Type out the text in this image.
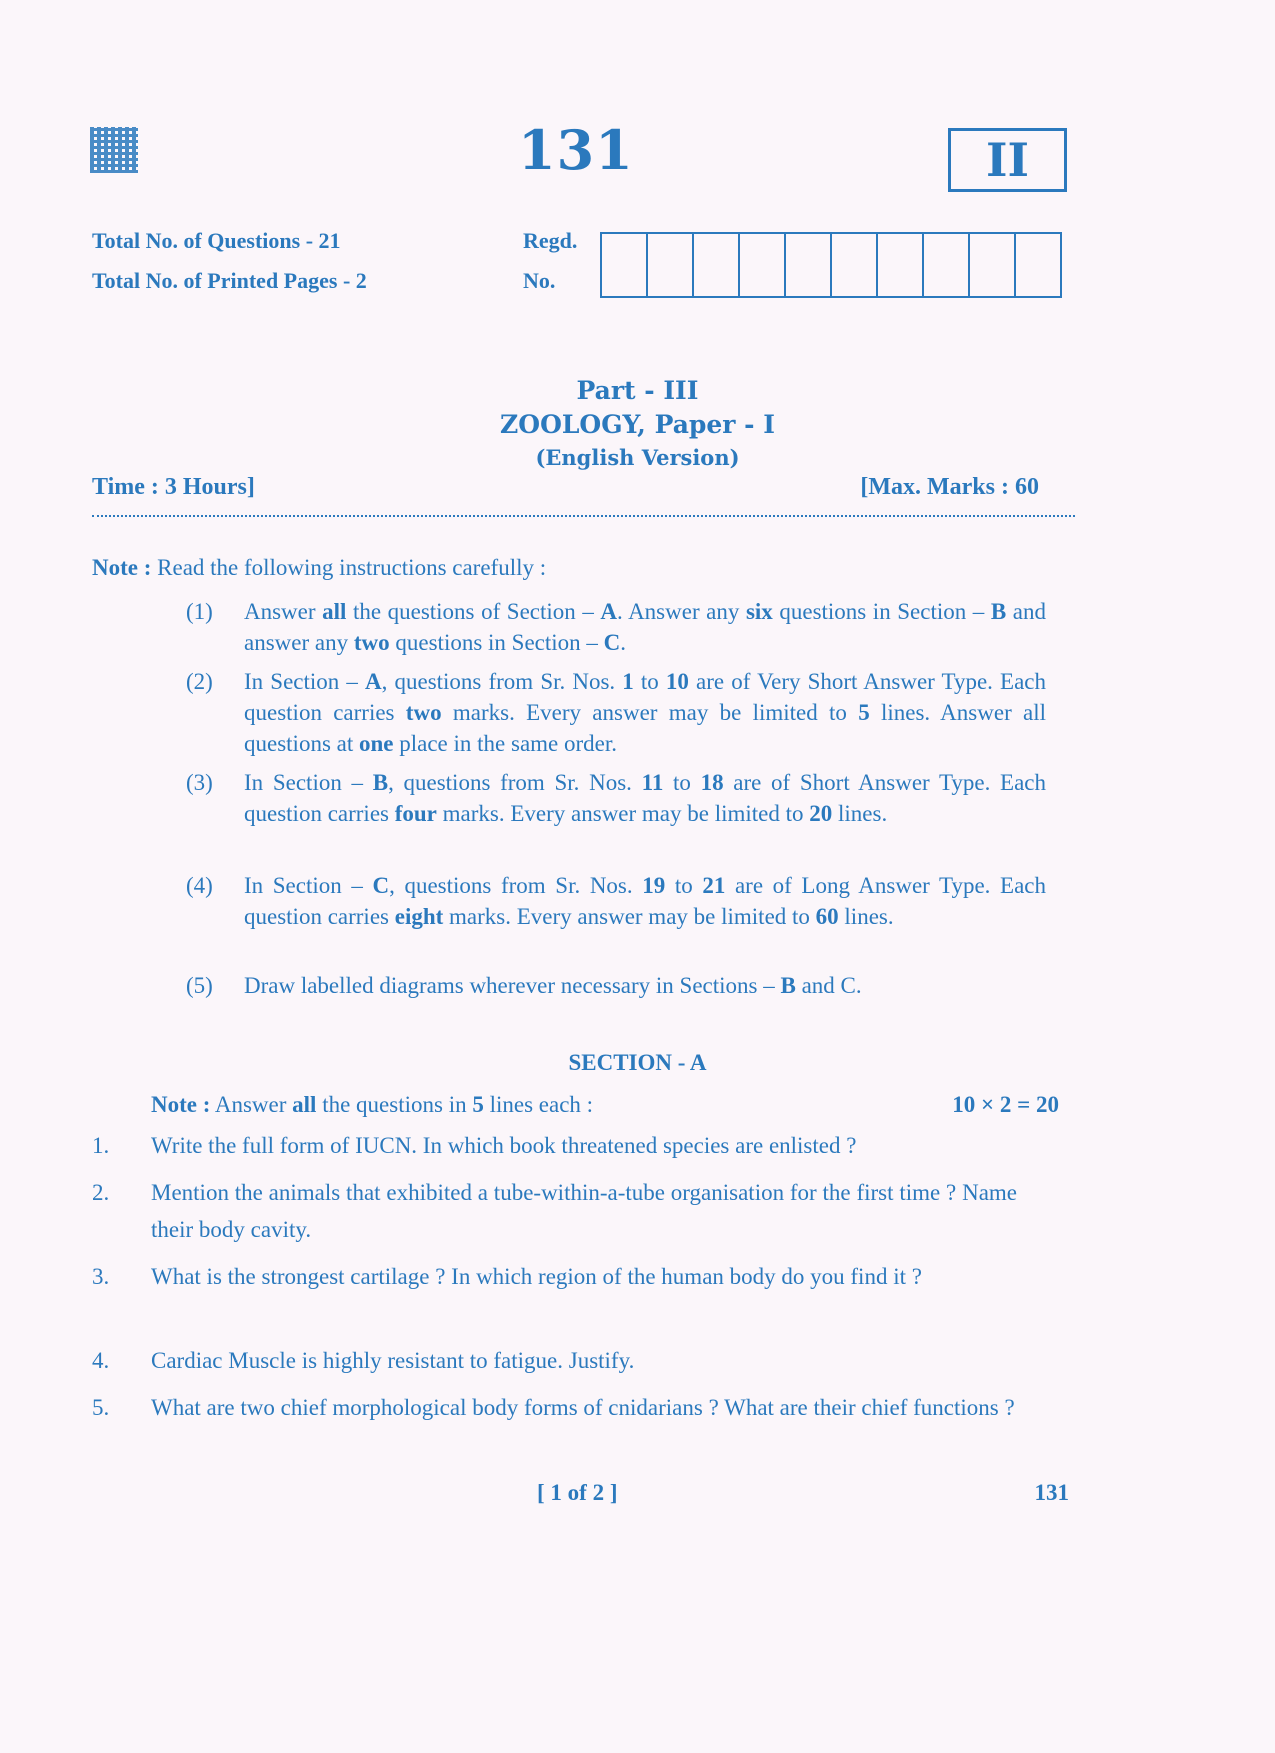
131	II
Total No. of Questions - 21
Total No. of Printed Pages - 2
Regd.
No.
Part - III
ZOOLOGY, Paper - I
(English Version)
Time : 3 Hours]	[Max. Marks : 60
Note : Read the following instructions carefully :
(1)	Answer all the questions of Section – A. Answer any six questions in Section – B and answer any two questions in Section – C.
(2)	In Section – A, questions from Sr. Nos. 1 to 10 are of Very Short Answer Type. Each question carries two marks. Every answer may be limited to 5 lines. Answer all questions at one place in the same order.
(3)	In Section – B, questions from Sr. Nos. 11 to 18 are of Short Answer Type. Each question carries four marks. Every answer may be limited to 20 lines.
(4)	In Section – C, questions from Sr. Nos. 19 to 21 are of Long Answer Type. Each question carries eight marks. Every answer may be limited to 60 lines.
(5)	Draw labelled diagrams wherever necessary in Sections – B and C.
SECTION - A
Note : Answer all the questions in 5 lines each :	10 × 2 = 20
1.	Write the full form of IUCN. In which book threatened species are enlisted ?
2.	Mention the animals that exhibited a tube-within-a-tube organisation for the first time ? Name their body cavity.
3.	What is the strongest cartilage ? In which region of the human body do you find it ?
4.	Cardiac Muscle is highly resistant to fatigue. Justify.
5.	What are two chief morphological body forms of cnidarians ? What are their chief functions ?
[ 1 of 2 ]	131
